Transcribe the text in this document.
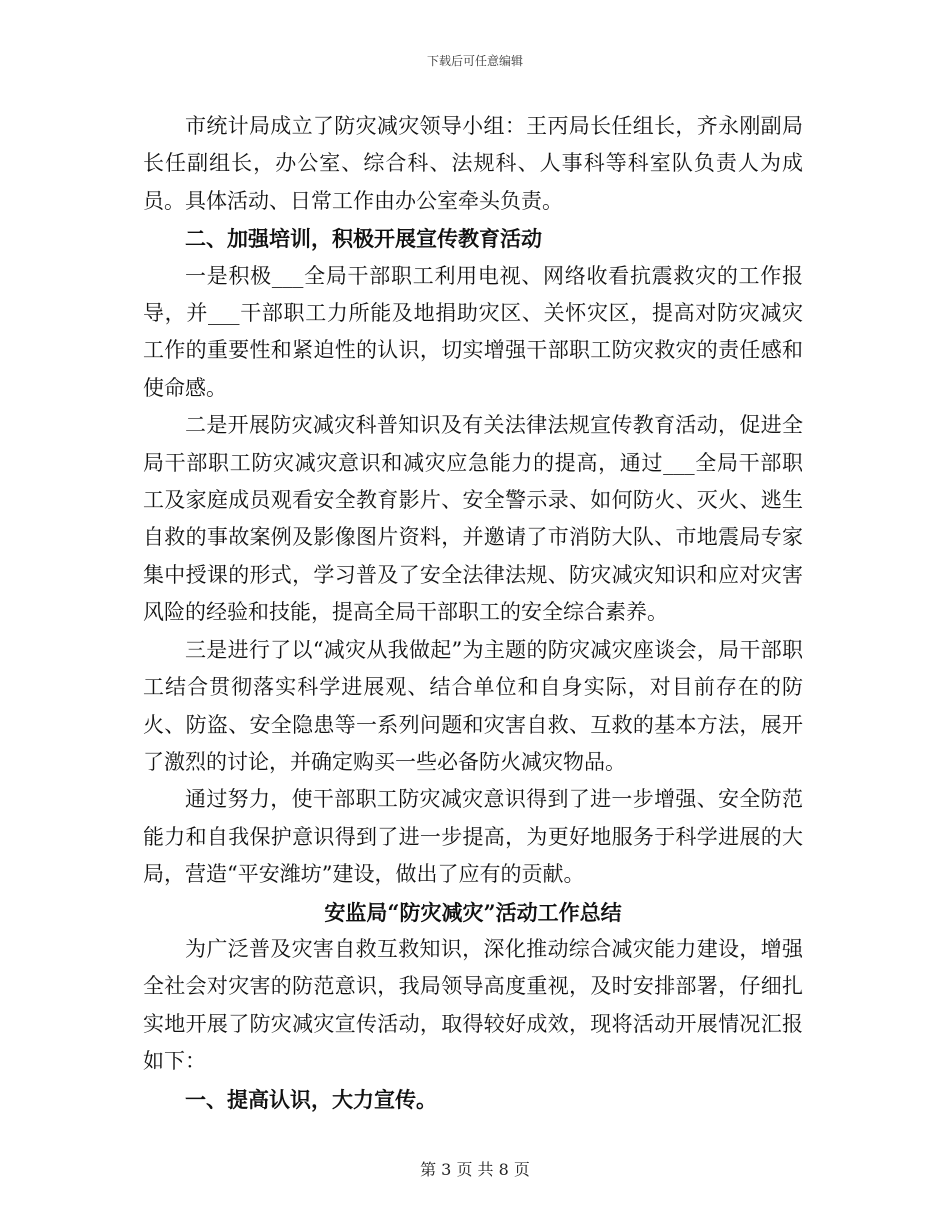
下载后可任意编辑

市统计局成立了防灾减灾领导小组：王丙局长任组长，齐永刚副局长任副组长，办公室、综合科、法规科、人事科等科室队负责人为成员。具体活动、日常工作由办公室牵头负责。

二、加强培训，积极开展宣传教育活动

一是积极___全局干部职工利用电视、网络收看抗震救灾的工作报导，并___干部职工力所能及地捐助灾区、关怀灾区，提高对防灾减灾工作的重要性和紧迫性的认识，切实增强干部职工防灾救灾的责任感和使命感。

二是开展防灾减灾科普知识及有关法律法规宣传教育活动，促进全局干部职工防灾减灾意识和减灾应急能力的提高，通过___全局干部职工及家庭成员观看安全教育影片、安全警示录、如何防火、灭火、逃生自救的事故案例及影像图片资料，并邀请了市消防大队、市地震局专家集中授课的形式，学习普及了安全法律法规、防灾减灾知识和应对灾害风险的经验和技能，提高全局干部职工的安全综合素养。

三是进行了以“减灾从我做起”为主题的防灾减灾座谈会，局干部职工结合贯彻落实科学进展观、结合单位和自身实际，对目前存在的防火、防盗、安全隐患等一系列问题和灾害自救、互救的基本方法，展开了激烈的讨论，并确定购买一些必备防火减灾物品。

通过努力，使干部职工防灾减灾意识得到了进一步增强、安全防范能力和自我保护意识得到了进一步提高，为更好地服务于科学进展的大局，营造“平安潍坊”建设，做出了应有的贡献。

安监局“防灾减灾”活动工作总结

为广泛普及灾害自救互救知识，深化推动综合减灾能力建设，增强全社会对灾害的防范意识，我局领导高度重视，及时安排部署，仔细扎实地开展了防灾减灾宣传活动，取得较好成效，现将活动开展情况汇报如下：

一、提高认识，大力宣传。

第 3 页 共 8 页
